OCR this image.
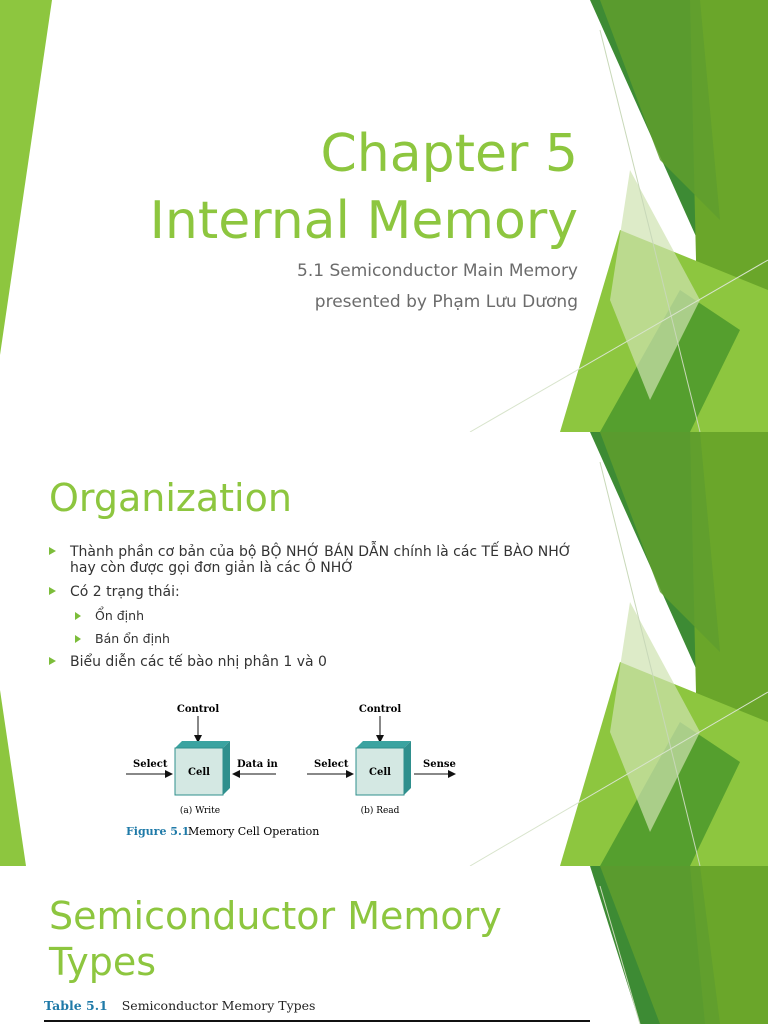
Chapter 5
Internal Memory
5.1 Semiconductor Main Memory
presented by Phạm Lưu Dương
Organization
Thành phần cơ bản của bộ BỘ NHỚ BÁN DẪN chính là các TẾ BÀO NHỚ hay còn được gọi đơn giản là các Ô NHỚ
Có 2 trạng thái:
Ổn định
Bán ổn định
Biểu diễn các tế bào nhị phân 1 và 0
Control
Cell
Select	Data in
(a) Write
Control
Cell
Select	Sense
(b) Read
Figure 5.1
Memory Cell Operation
Semiconductor Memory
Types
Table 5.1 Semiconductor Memory Types
